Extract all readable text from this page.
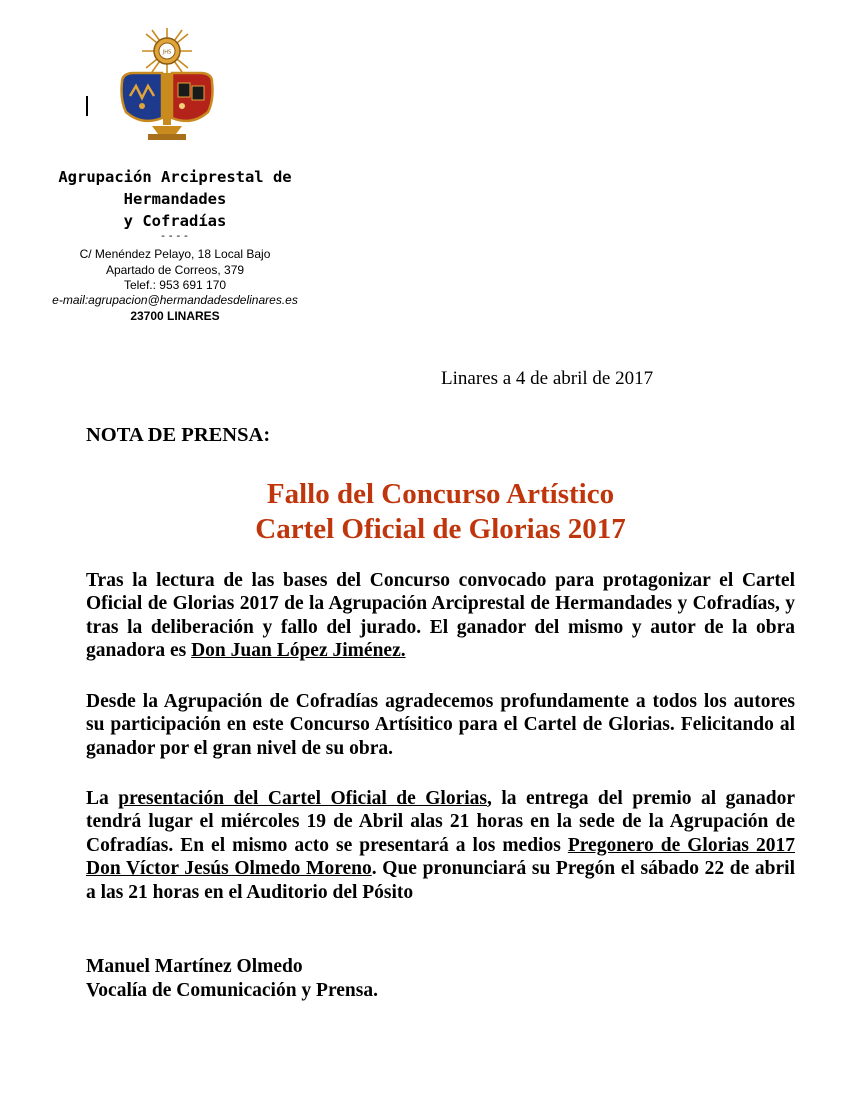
JHS
Agrupación Arciprestal de
Hermandades
y Cofradías
----
C/ Menéndez Pelayo, 18 Local Bajo
Apartado de Correos, 379
Telef.: 953 691 170
e-mail:agrupacion@hermandadesdelinares.es
23700 LINARES
Linares a 4 de abril de 2017
NOTA DE PRENSA:
Fallo del Concurso Artístico
Cartel Oficial de Glorias 2017
Tras la lectura de las bases del Concurso convocado para protagonizar el Cartel Oficial de Glorias 2017 de la Agrupación Arciprestal de Hermandades y Cofradías, y tras la deliberación y fallo del jurado. El ganador del mismo y autor de la obra ganadora es Don Juan López Jiménez.
Desde la Agrupación de Cofradías agradecemos profundamente a todos los autores su participación en este Concurso Artísitico para el Cartel de Glorias. Felicitando al ganador por el gran nivel de su obra.
La presentación del Cartel Oficial de Glorias, la entrega del premio al ganador tendrá lugar el miércoles 19 de Abril alas 21 horas en la sede de la Agrupación de Cofradías. En el mismo acto se presentará a los medios Pregonero de Glorias 2017 Don Víctor Jesús Olmedo Moreno. Que pronunciará su Pregón el sábado 22 de abril a las 21 horas en el Auditorio del Pósito
Manuel Martínez Olmedo
Vocalía de Comunicación y Prensa.
